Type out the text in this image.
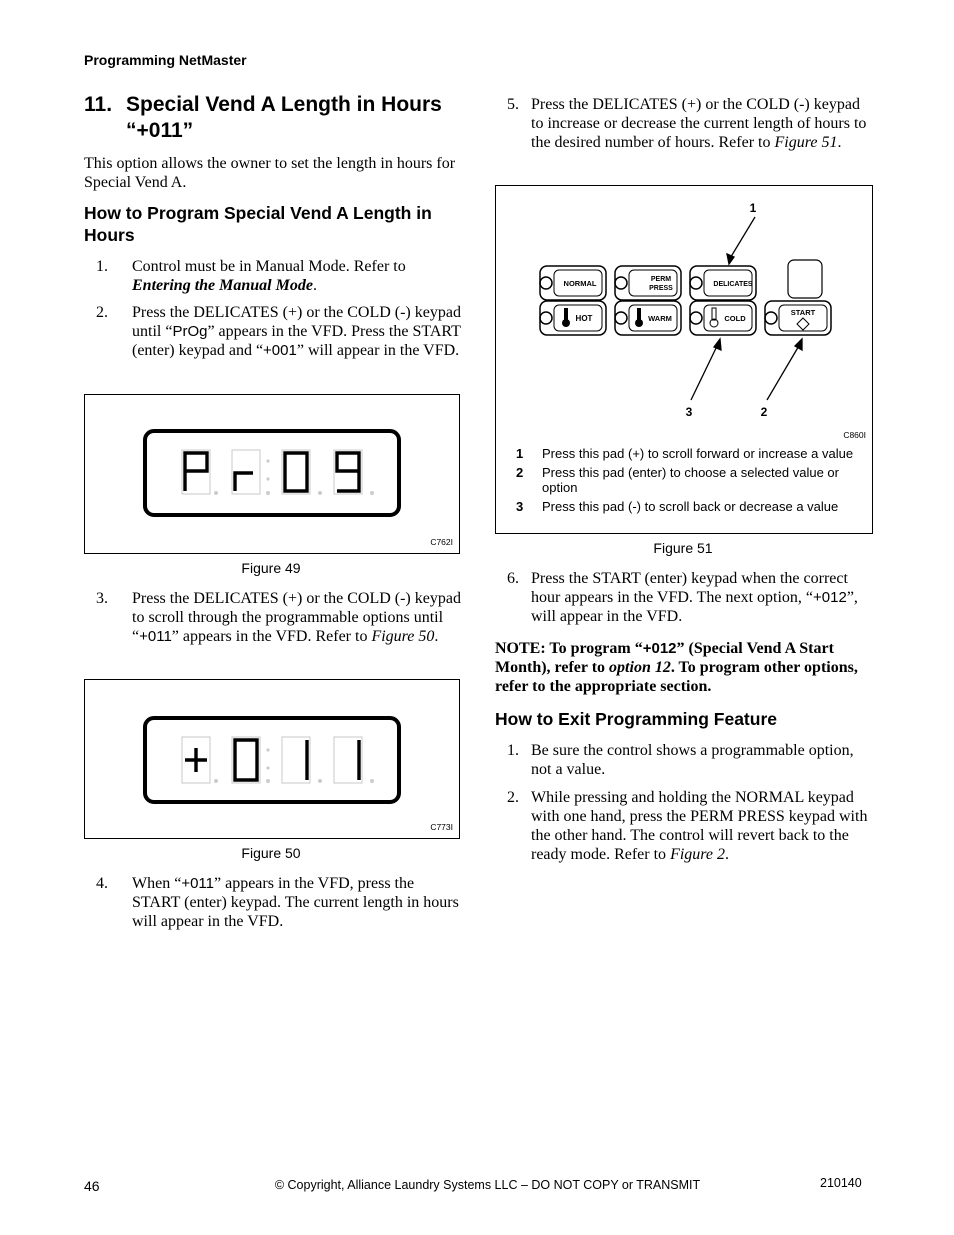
Programming NetMaster
11. Special Vend A Length in Hours
“+011”
This option allows the owner to set the length in hours for Special Vend A.
How to Program Special Vend A Length in Hours
1. Control must be in Manual Mode. Refer to Entering the Manual Mode.
2. Press the DELICATES (+) or the COLD (-) keypad until “PrOg” appears in the VFD. Press the START (enter) keypad and “+001” will appear in the VFD.
C762I
Figure 49
3. Press the DELICATES (+) or the COLD (-) keypad to scroll through the programmable options until “+011” appears in the VFD. Refer to Figure 50.
C773I
Figure 50
4. When “+011” appears in the VFD, press the START (enter) keypad. The current length in hours will appear in the VFD.
5. Press the DELICATES (+) or the COLD (-) keypad to increase or decrease the current length of hours to the desired number of hours. Refer to Figure 51.
NORMAL	PERM
PRESS
DELICATES
HOT	WARM	COLD
START
1
2
3
C860I
1 Press this pad (+) to scroll forward or increase a value
2 Press this pad (enter) to choose a selected value or option
3 Press this pad (-) to scroll back or decrease a value
Figure 51
6. Press the START (enter) keypad when the correct hour appears in the VFD. The next option, “+012”, will appear in the VFD.
NOTE: To program “+012” (Special Vend A Start Month), refer to option 12. To program other options, refer to the appropriate section.
How to Exit Programming Feature
1. Be sure the control shows a programmable option, not a value.
2. While pressing and holding the NORMAL keypad with one hand, press the PERM PRESS keypad with the other hand. The control will revert back to the ready mode. Refer to Figure 2.
46	© Copyright, Alliance Laundry Systems LLC – DO NOT COPY or TRANSMIT	210140
